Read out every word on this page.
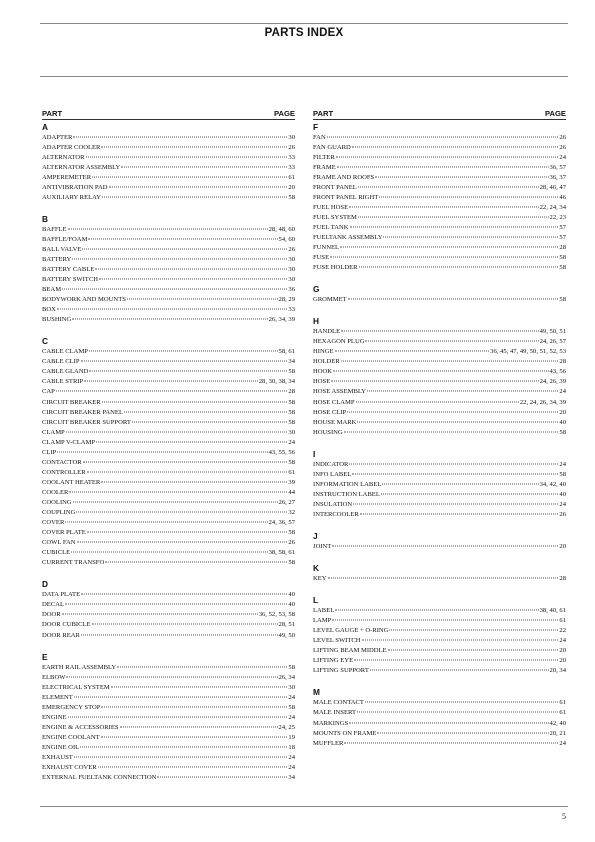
PARTS INDEX
PART	PAGE
A
ADAPTER	30
ADAPTER COOLER	26
ALTERNATOR	33
ALTERNATOR ASSEMBLY	33
AMPEREMETER	61
ANTIVIBRATION PAD	20
AUXILIARY RELAY	58
B
BAFFLE	28, 48, 60
BAFFLE/FOAM	54, 60
BALL VALVE	26
BATTERY	30
BATTERY CABLE	30
BATTERY SWITCH	30
BEAM	36
BODYWORK AND MOUNTS	28, 29
BOX	33
BUSHING	26, 34, 39
C
CABLE CLAMP	58, 61
CABLE CLIP	34
CABLE GLAND	58
CABLE STRIP	28, 30, 38, 34
CAP	28
CIRCUIT BREAKER	58
CIRCUIT BREAKER PANEL	58
CIRCUIT BREAKER SUPPORT	58
CLAMP	30
CLAMP V-CLAMP	24
CLIP	43, 55, 56
CONTACTOR	58
CONTROLLER	61
COOLANT HEATER	39
COOLER	44
COOLING	26, 27
COUPLING	32
COVER	24, 36, 57
COVER PLATE	58
COWL FAN	26
CUBICLE	38, 58, 61
CURRENT TRANSFO	58
D
DATA PLATE	40
DECAL	40
DOOR	36, 52, 53, 58
DOOR CUBICLE	28, 51
DOOR REAR	49, 50
E
EARTH RAIL ASSEMBLY	58
ELBOW	26, 34
ELECTRICAL SYSTEM	30
ELEMENT	24
EMERGENCY STOP	58
ENGINE	24
ENGINE & ACCESSORIES	24, 25
ENGINE COOLANT	19
ENGINE OIL	18
EXHAUST	24
EXHAUST COVER	24
EXTERNAL FUELTANK CONNECTION	34
PART	PAGE
F
FAN	26
FAN GUARD	26
FILTER	24
FRAME	36, 57
FRAME AND ROOFS	36, 37
FRONT PANEL	28, 46, 47
FRONT PANEL RIGHT	46
FUEL HOSE	22, 24, 34
FUEL SYSTEM	22, 23
FUEL TANK	57
FUELTANK ASSEMBLY	57
FUNNEL	28
FUSE	58
FUSE HOLDER	58
G
GROMMET	58
H
HANDLE	49, 50, 51
HEXAGON PLUG	24, 26, 57
HINGE	36, 45, 47, 49, 50, 51, 52, 53
HOLDER	28
HOOK	43, 56
HOSE	24, 26, 39
HOSE ASSEMBLY	24
HOSE CLAMP	22, 24, 26, 34, 39
HOSE CLIP	20
HOUSE MARK	40
HOUSING	58
I
INDICATOR	24
INFO LABEL	58
INFORMATION LABEL	34, 42, 40
INSTRUCTION LABEL	40
INSULATION	24
INTERCOOLER	26
J
JOINT	20
K
KEY	28
L
LABEL	38, 40, 61
LAMP	61
LEVEL GAUGE + O-RING	22
LEVEL SWITCH	24
LIFTING BEAM MIDDLE	20
LIFTING EYE	20
LIFTING SUPPORT	20, 34
M
MALE CONTACT	61
MALE INSERT	61
MARKINGS	42, 40
MOUNTS ON FRAME	20, 21
MUFFLER	24
5
